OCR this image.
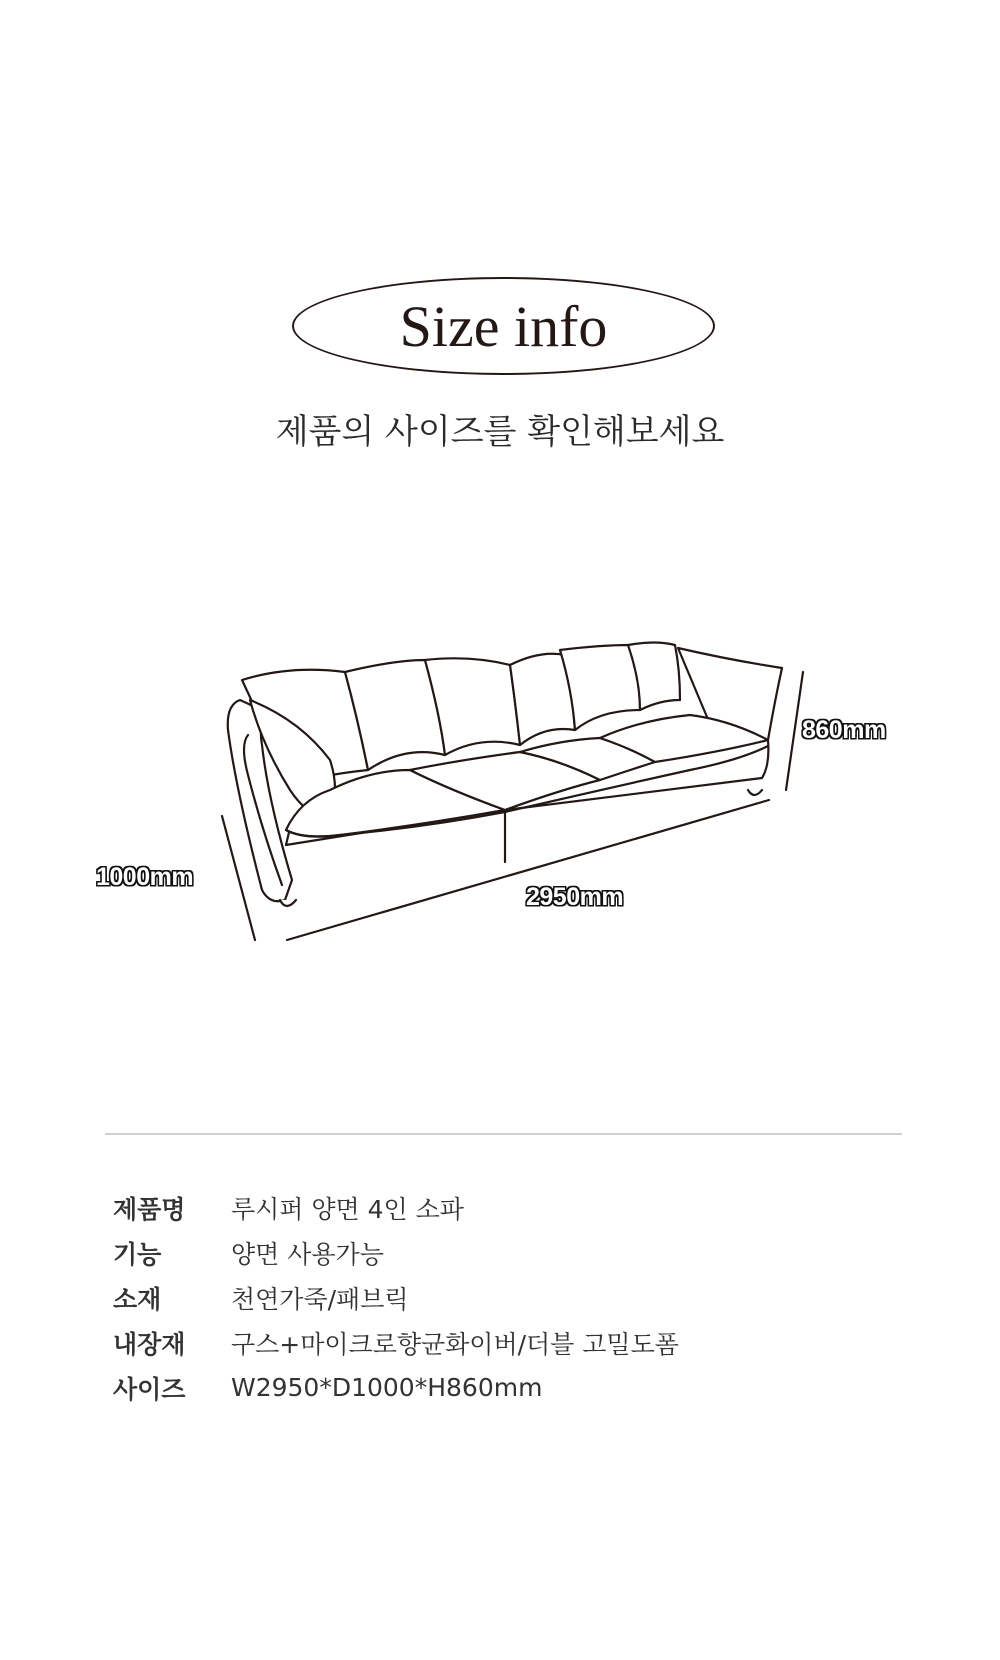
Size info
제품의 사이즈를 확인해보세요
860mm
1000mm
2950mm
제품명	루시퍼 양면 4인 소파
기능	양면 사용가능
소재	천연가죽/패브릭
내장재	구스+마이크로향균화이버/더블 고밀도폼
사이즈	W2950*D1000*H860mm
